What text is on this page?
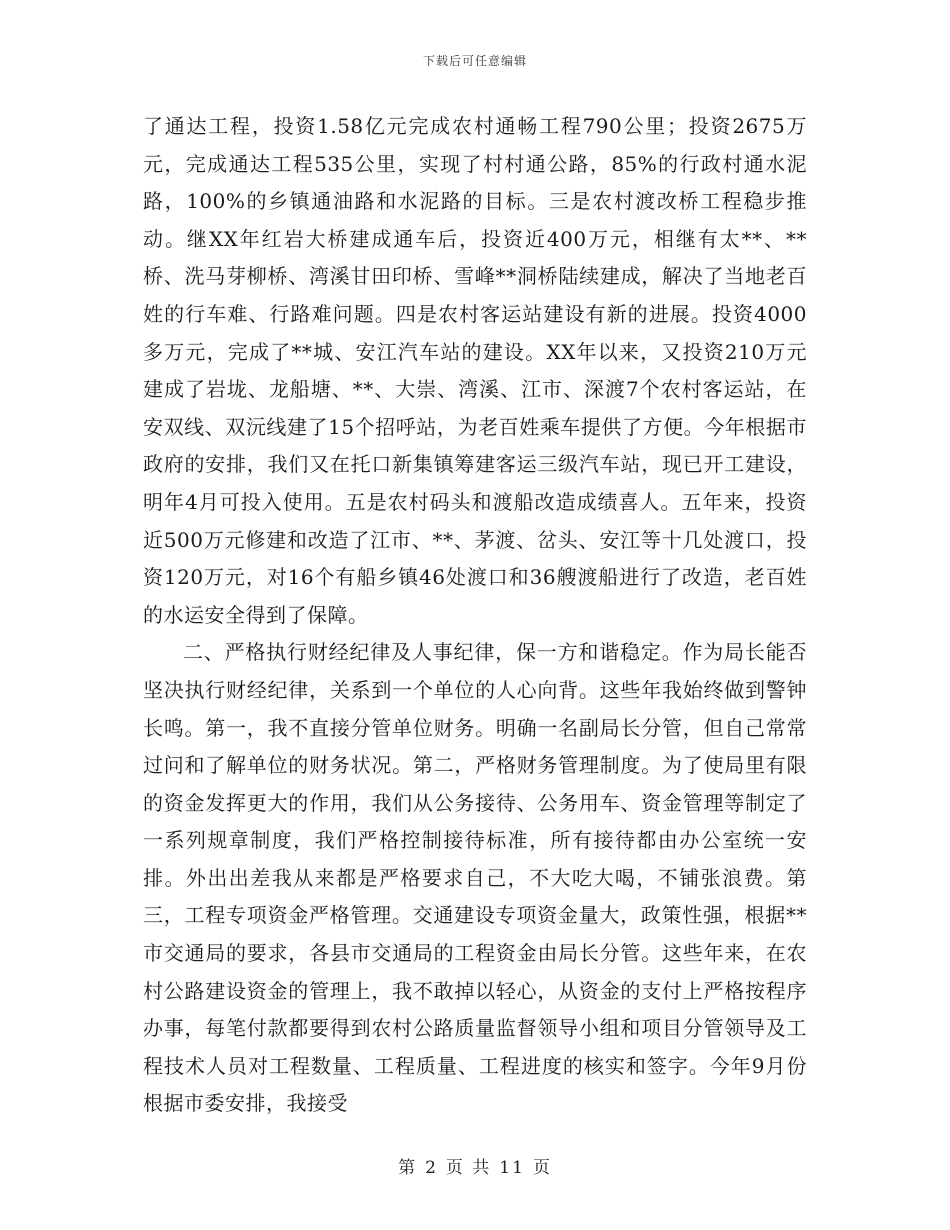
下载后可任意编辑

了通达工程，投资1.58亿元完成农村通畅工程790公里；投资2675万元，完成通达工程535公里，实现了村村通公路，85%的行政村通水泥路，100%的乡镇通油路和水泥路的目标。三是农村渡改桥工程稳步推动。继XX年红岩大桥建成通车后，投资近400万元，相继有太**、**桥、洗马芽柳桥、湾溪甘田印桥、雪峰**洞桥陆续建成，解决了当地老百姓的行车难、行路难问题。四是农村客运站建设有新的进展。投资4000多万元，完成了**城、安江汽车站的建设。XX年以来，又投资210万元建成了岩垅、龙船塘、**、大崇、湾溪、江市、深渡7个农村客运站，在安双线、双沅线建了15个招呼站，为老百姓乘车提供了方便。今年根据市政府的安排，我们又在托口新集镇筹建客运三级汽车站，现已开工建设，明年4月可投入使用。五是农村码头和渡船改造成绩喜人。五年来，投资近500万元修建和改造了江市、**、茅渡、岔头、安江等十几处渡口，投资120万元，对16个有船乡镇46处渡口和36艘渡船进行了改造，老百姓的水运安全得到了保障。

二、严格执行财经纪律及人事纪律，保一方和谐稳定。作为局长能否坚决执行财经纪律，关系到一个单位的人心向背。这些年我始终做到警钟长鸣。第一，我不直接分管单位财务。明确一名副局长分管，但自己常常过问和了解单位的财务状况。第二，严格财务管理制度。为了使局里有限的资金发挥更大的作用，我们从公务接待、公务用车、资金管理等制定了一系列规章制度，我们严格控制接待标准，所有接待都由办公室统一安排。外出出差我从来都是严格要求自己，不大吃大喝，不铺张浪费。第三，工程专项资金严格管理。交通建设专项资金量大，政策性强，根据**市交通局的要求，各县市交通局的工程资金由局长分管。这些年来，在农村公路建设资金的管理上，我不敢掉以轻心，从资金的支付上严格按程序办事，每笔付款都要得到农村公路质量监督领导小组和项目分管领导及工程技术人员对工程数量、工程质量、工程进度的核实和签字。今年9月份根据市委安排，我接受

第 2 页 共 11 页
